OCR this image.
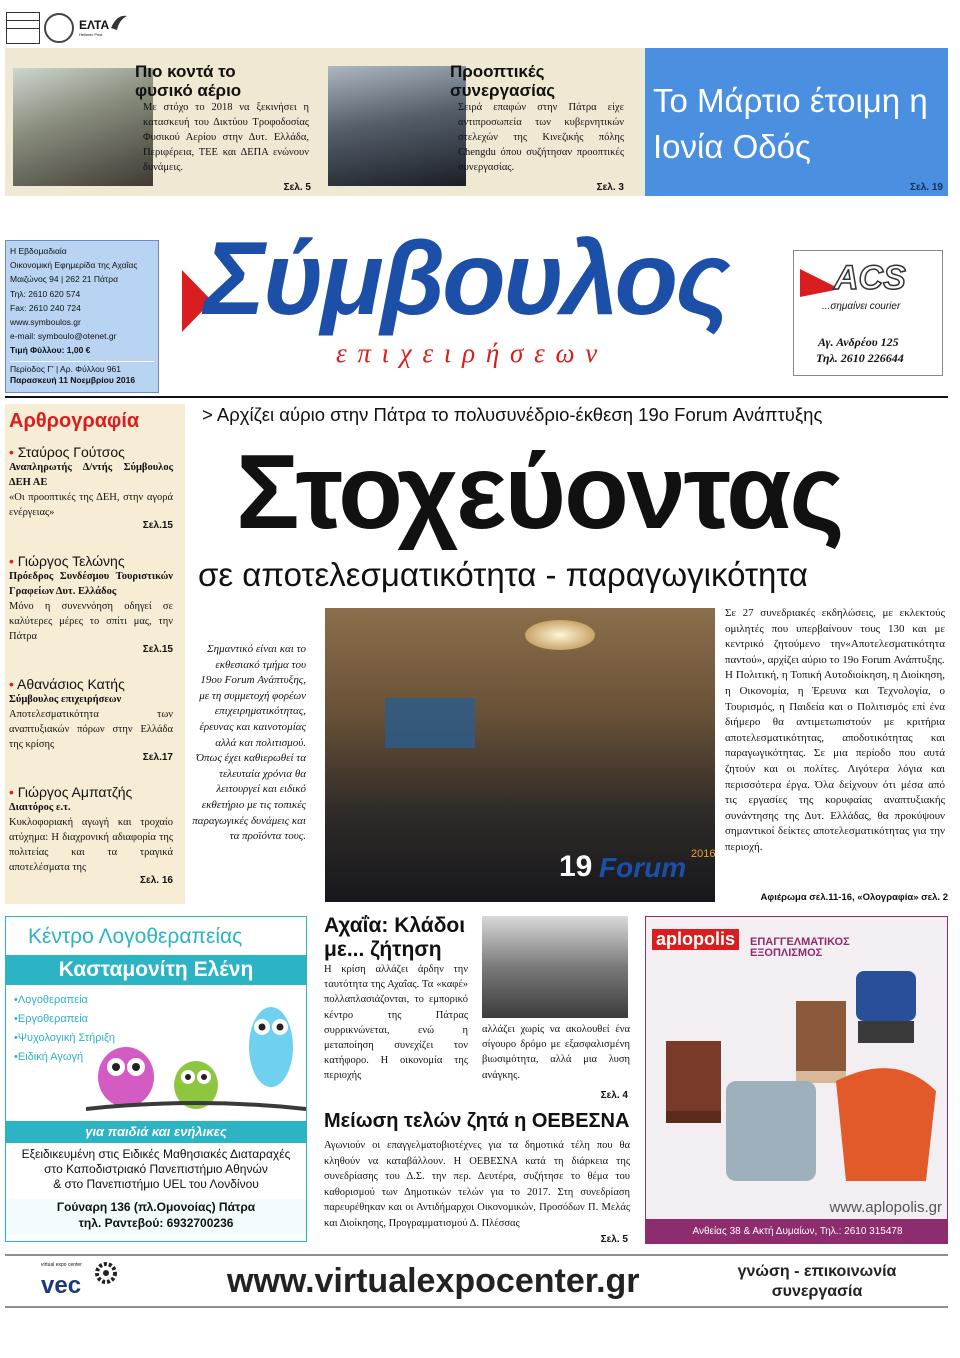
ΕΛΤΑ
Hellenic Post
Πιο κοντά το φυσικό αέριο
Με στόχο το 2018 να ξεκινήσει η κατασκευή του Δικτύου Τροφοδοσίας Φυσικού Αερίου στην Δυτ. Ελλάδα, Περιφέρεια, ΤΕΕ και ΔΕΠΑ ενώνουν δυνάμεις.
Σελ. 5
Προοπτικές συνεργασίας
Σειρά επαφών στην Πάτρα είχε αντιπροσωπεία των κυβερνητικών στελεχών της Κινεζικής πόλης Chengdu όπου συζήτησαν προοπτικές συνεργασίας.
Σελ. 3
Το Μάρτιο έτοιμη η Ιονία Οδός
Σελ. 19
Η Εβδομαδιαία
Οικονομική Εφημερίδα της Αχαΐας
Μαιζώνος 94 | 262 21 Πάτρα
Τηλ: 2610 620 574
Fax: 2610 240 724
www.symboulos.gr
e-mail: symboulo@otenet.gr
Τιμή Φύλλου: 1,00 €
Περίοδος Γ' | Αρ. Φύλλου 961
Παρασκευή 11 Νοεμβρίου 2016
Σύμβουλος
ε π ι χ ε ι ρ ή σ ε ω ν
ACS
...σημαίνει courier
Αγ. Ανδρέου 125
Τηλ. 2610 226644
Αρθρογραφία
• Σταύρος Γούτσος
Αναπληρωτής Δ/ντής Σύμβουλος ΔΕΗ ΑΕ
«Οι προοπτικές της ΔΕΗ, στην αγορά ενέργειας»
Σελ.15
• Γιώργος Τελώνης
Πρόεδρος Συνδέσμου Τουριστικών Γραφείων Δυτ. Ελλάδος
Μόνο η συνεννόηση οδηγεί σε καλύτερες μέρες το σπίτι μας, την Πάτρα
Σελ.15
• Αθανάσιος Κατής
Σύμβουλος επιχειρήσεων
Αποτελεσματικότητα των αναπτυξιακών πόρων στην Ελλάδα της κρίσης
Σελ.17
• Γιώργος Αμπατζής
Διαιτόρος ε.τ.
Κυκλοφοριακή αγωγή και τροχαίο ατύχημα: Η διαχρονική αδιαφορία της πολιτείας και τα τραγικά αποτελέσματα της
Σελ. 16
> Αρχίζει αύριο στην Πάτρα το πολυσυνέδριο-έκθεση 19ο Forum Ανάπτυξης
Στοχεύοντας
σε αποτελεσματικότητα - παραγωγικότητα
Σημαντικό είναι και το εκθεσιακό τμήμα του 19ου Forum Ανάπτυξης, με τη συμμετοχή φορέων επιχειρηματικότητας, έρευνας και καινοτομίας αλλά και πολιτισμού. Όπως έχει καθιερωθεί τα τελευταία χρόνια θα λειτουργεί και ειδικό εκθετήριο με τις τοπικές παραγωγικές δυνάμεις και τα προϊόντα τους.
19 Forum 2016
Σε 27 συνεδριακές εκδηλώσεις, με εκλεκτούς ομιλητές που υπερβαίνουν τους 130 και με κεντρικό ζητούμενο την«Αποτελεσματικότητα παντού», αρχίζει αύριο το 19ο Forum Ανάπτυξης.
Η Πολιτική, η Τοπική Αυτοδιοίκηση, η Διοίκηση, η Οικονομία, η Έρευνα και Τεχνολογία, ο Τουρισμός, η Παιδεία και ο Πολιτισμός επί ένα διήμερο θα αντιμετωπιστούν με κριτήρια αποτελεσματικότητας, αποδοτικότητας και παραγωγικότητας. Σε μια περίοδο που αυτά ζητούν και οι πολίτες. Λιγότερα λόγια και περισσότερα έργα. Όλα δείχνουν ότι μέσα από τις εργασίες της κορυφαίας αναπτυξιακής συνάντησης της Δυτ. Ελλάδας, θα προκύψουν σημαντικοί δείκτες αποτελεσματικότητας για την περιοχή.
Αφιέρωμα σελ.11-16, «Ολογραφία» σελ. 2
Κέντρο Λογοθεραπείας
Κασταμονίτη Ελένη
•Λογοθεραπεία
•Εργοθεραπεία
•Ψυχολογική Στήριξη
•Ειδική Αγωγή
για παιδιά και ενήλικες
Εξειδικευμένη στις Ειδικές Μαθησιακές Διαταραχές
στο Καποδιστριακό Πανεπιστήμιο Αθηνών
& στο Πανεπιστήμιο UEL του Λονδίνου
Γούναρη 136 (πλ.Ομονοίας) Πάτρα
τηλ. Ραντεβού: 6932700236
Αχαΐα: Κλάδοι με... ζήτηση
Η κρίση αλλάζει άρδην την ταυτότητα της Αχαΐας. Τα «καφέ» πολλαπλασιάζονται, το εμπορικό κέντρο της Πάτρας συρρικνώνεται, ενώ η μεταποίηση συνεχίζει τον κατήφορο. Η οικονομία της περιοχής
αλλάζει χωρίς να ακολουθεί ένα σίγουρο δρόμο με εξασφαλισμένη βιωσιμότητα, αλλά μια λυση ανάγκης.
Σελ. 4
Μείωση τελών ζητά η ΟΕΒΕΣΝΑ
Αγωνιούν οι επαγγελματοβιοτέχνες για τα δημοτικά τέλη που θα κληθούν να καταβάλλουν. Η ΟΕΒΕΣΝΑ κατά τη διάρκεια της συνεδρίασης του Δ.Σ. την περ. Δευτέρα, συζήτησε το θέμα του καθορισμού των Δημοτικών τελών για το 2017. Στη συνεδρίαση παρευρέθηκαν και οι Αντιδήμαρχοι Οικονομικών, Προσόδων Π. Μελάς και Διοίκησης, Προγραμματισμού Δ. Πλέσσας
Σελ. 5
aplopolis	ΕΠΑΓΓΕΛΜΑΤΙΚΟΣ ΕΞΟΠΛΙΣΜΟΣ
www.aplopolis.gr
Ανθείας 38 & Ακτή Δυμαίων, Τηλ.: 2610 315478
virtual expo center
vec	www.virtualexpocenter.gr	γνώση - επικοινωνία
συνεργασία
